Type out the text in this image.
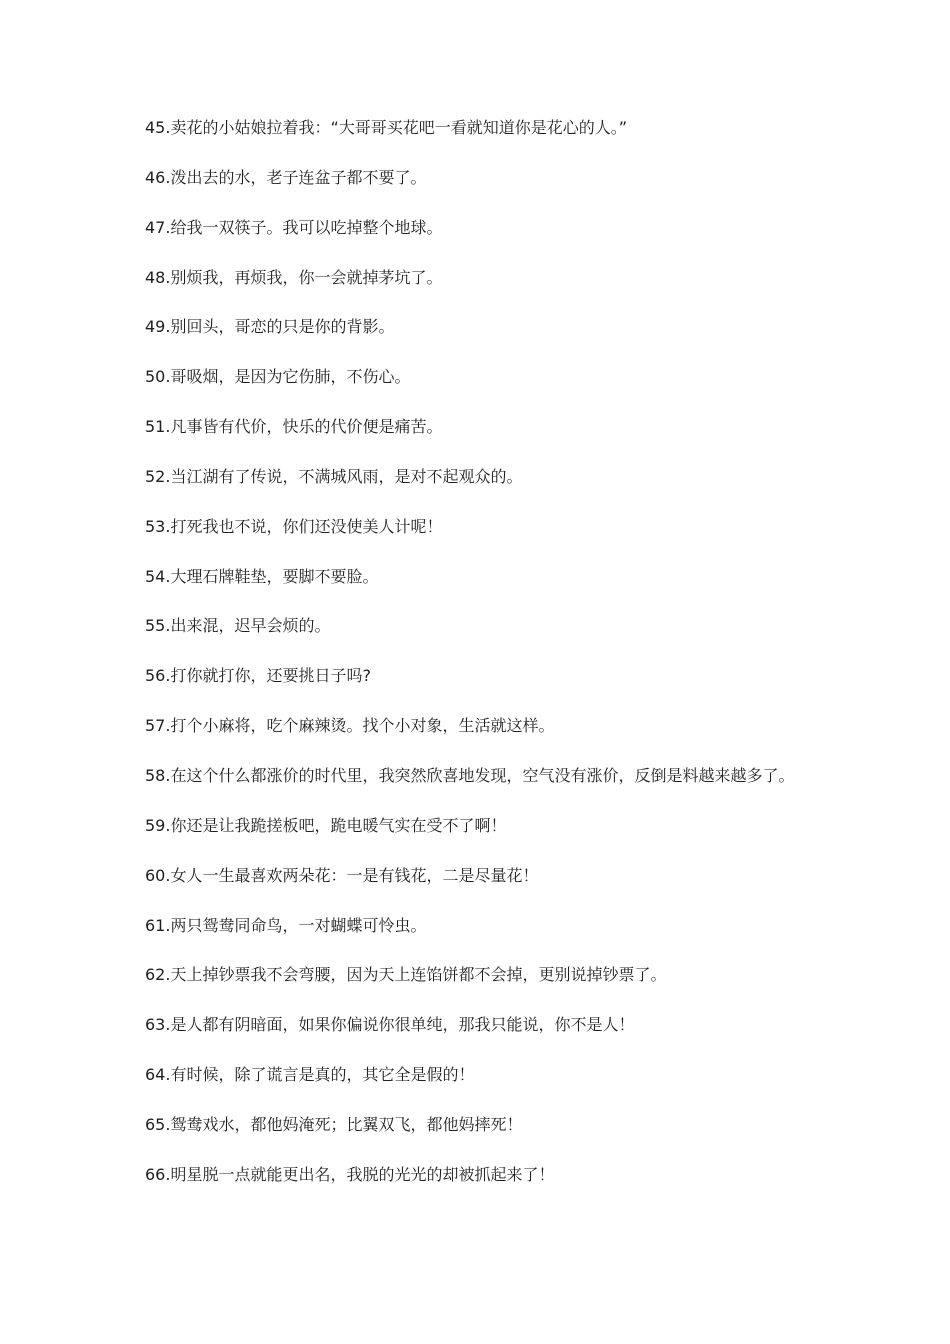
45.卖花的小姑娘拉着我：“大哥哥买花吧一看就知道你是花心的人。”
46.泼出去的水，老子连盆子都不要了。
47.给我一双筷子。我可以吃掉整个地球。
48.别烦我，再烦我，你一会就掉茅坑了。
49.别回头，哥恋的只是你的背影。
50.哥吸烟，是因为它伤肺，不伤心。
51.凡事皆有代价，快乐的代价便是痛苦。
52.当江湖有了传说，不满城风雨，是对不起观众的。
53.打死我也不说，你们还没使美人计呢！
54.大理石牌鞋垫，要脚不要脸。
55.出来混，迟早会烦的。
56.打你就打你，还要挑日子吗?
57.打个小麻将，吃个麻辣烫。找个小对象，生活就这样。
58.在这个什么都涨价的时代里，我突然欣喜地发现，空气没有涨价，反倒是料越来越多了。
59.你还是让我跪搓板吧，跪电暖气实在受不了啊！
60.女人一生最喜欢两朵花：一是有钱花，二是尽量花！
61.两只鸳鸯同命鸟，一对蝴蝶可怜虫。
62.天上掉钞票我不会弯腰，因为天上连馅饼都不会掉，更别说掉钞票了。
63.是人都有阴暗面，如果你偏说你很单纯，那我只能说，你不是人！
64.有时候，除了谎言是真的，其它全是假的！
65.鸳鸯戏水，都他妈淹死；比翼双飞，都他妈摔死！
66.明星脱一点就能更出名，我脱的光光的却被抓起来了！
